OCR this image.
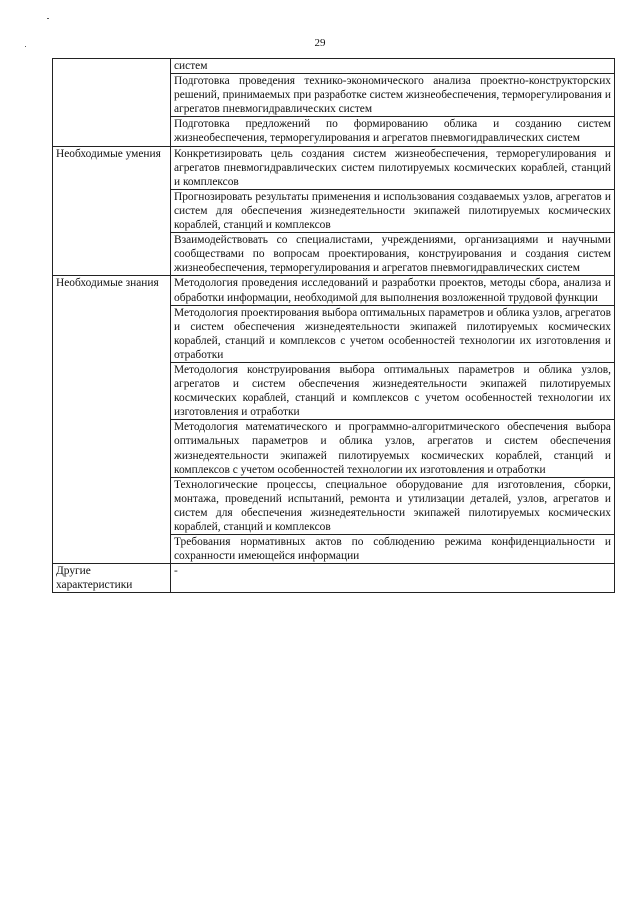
29
	систем
	Подготовка проведения технико-экономического анализа проектно-конструкторских решений, принимаемых при разработке систем жизнеобеспечения, терморегулирования и агрегатов пневмогидравлических систем
	Подготовка предложений по формированию облика и созданию систем жизнеобеспечения, терморегулирования и агрегатов пневмогидравлических систем
Необходимые умения	Конкретизировать цель создания систем жизнеобеспечения, терморегулирования и агрегатов пневмогидравлических систем пилотируемых космических кораблей, станций и комплексов
	Прогнозировать результаты применения и использования создаваемых узлов, агрегатов и систем для обеспечения жизнедеятельности экипажей пилотируемых космических кораблей, станций и комплексов
	Взаимодействовать со специалистами, учреждениями, организациями и научными сообществами по вопросам проектирования, конструирования и создания систем жизнеобеспечения, терморегулирования и агрегатов пневмогидравлических систем
Необходимые знания	Методология проведения исследований и разработки проектов, методы сбора, анализа и обработки информации, необходимой для выполнения возложенной трудовой функции
	Методология проектирования выбора оптимальных параметров и облика узлов, агрегатов и систем обеспечения жизнедеятельности экипажей пилотируемых космических кораблей, станций и комплексов с учетом особенностей технологии их изготовления и отработки
	Методология конструирования выбора оптимальных параметров и облика узлов, агрегатов и систем обеспечения жизнедеятельности экипажей пилотируемых космических кораблей, станций и комплексов с учетом особенностей технологии их изготовления и отработки
	Методология математического и программно-алгоритмического обеспечения выбора оптимальных параметров и облика узлов, агрегатов и систем обеспечения жизнедеятельности экипажей пилотируемых космических кораблей, станций и комплексов с учетом особенностей технологии их изготовления и отработки
	Технологические процессы, специальное оборудование для изготовления, сборки, монтажа, проведений испытаний, ремонта и утилизации деталей, узлов, агрегатов и систем для обеспечения жизнедеятельности экипажей пилотируемых космических кораблей, станций и комплексов
	Требования нормативных актов по соблюдению режима конфиденциальности и сохранности имеющейся информации
Другие характеристики	-
